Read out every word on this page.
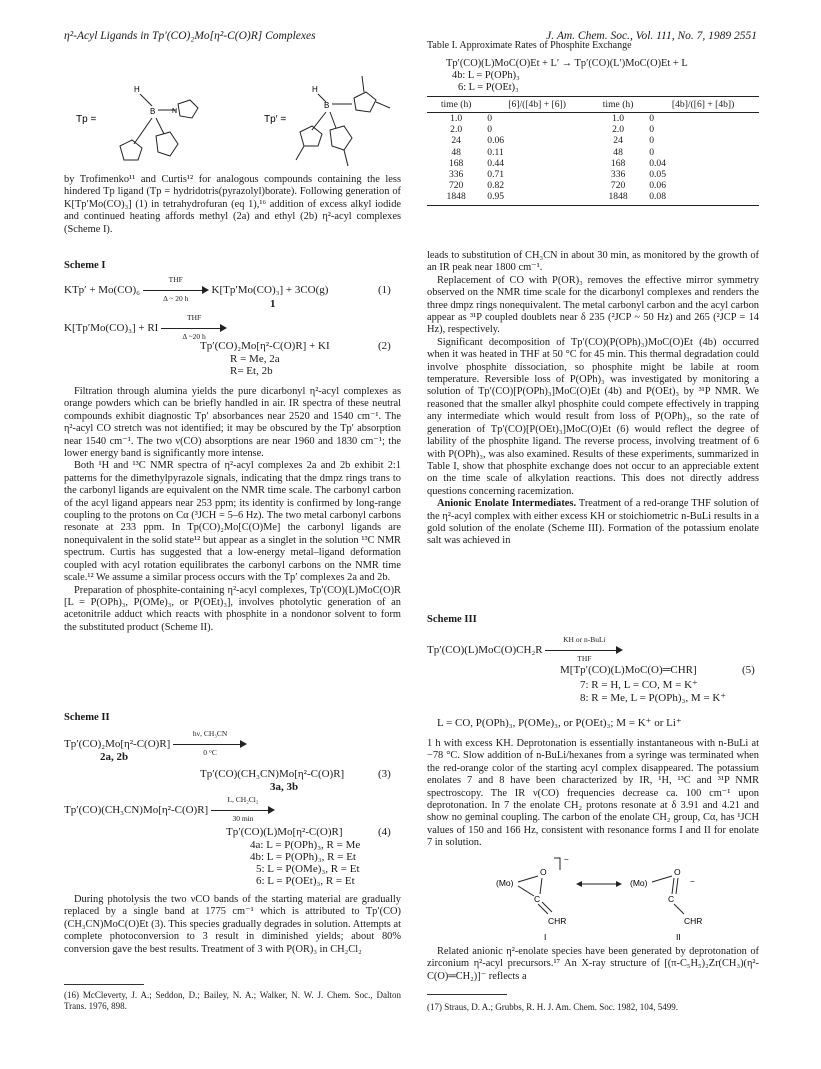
η²-Acyl Ligands in Tp′(CO)₂Mo[η²-C(O)R] Complexes	J. Am. Chem. Soc., Vol. 111, No. 7, 1989 2551
Tp =
H
B N
Tp′ =
H
B

by Trofimenko¹¹ and Curtis¹² for analogous compounds containing the less hindered Tp ligand (Tp = hydridotris(pyrazolyl)borate). Following generation of K[Tp′Mo(CO)₃] (1) in tetrahydrofuran (eq 1),¹⁶ addition of excess alkyl iodide and continued heating affords methyl (2a) and ethyl (2b) η²-acyl complexes (Scheme I).

Scheme I

KTp′ + Mo(CO)₆
THF
Δ ~ 20 h
K[Tp′Mo(CO)₃] + 3CO(g)	(1)
1
K[Tp′Mo(CO)₃] + RI
THF
Δ ~20 h
Tp′(CO)₂Mo[η²-C(O)R] + KI	(2)
R = Me, 2a
R= Et, 2b

Filtration through alumina yields the pure dicarbonyl η²-acyl complexes as orange powders which can be briefly handled in air. IR spectra of these neutral compounds exhibit diagnostic Tp′ absorbances near 2520 and 1540 cm⁻¹. The η²-acyl CO stretch was not identified; it may be obscured by the Tp′ absorption near 1540 cm⁻¹. The two ν(CO) absorptions are near 1960 and 1830 cm⁻¹; the lower energy band is significantly more intense.

Both ¹H and ¹³C NMR spectra of η²-acyl complexes 2a and 2b exhibit 2:1 patterns for the dimethylpyrazole signals, indicating that the dmpz rings trans to the carbonyl ligands are equivalent on the NMR time scale. The carbonyl carbon of the acyl ligand appears near 253 ppm; its identity is confirmed by long-range coupling to the protons on Cα (³JCH = 5–6 Hz). The two metal carbonyl carbons resonate at 233 ppm. In Tp(CO)₂Mo[C(O)Me] the carbonyl ligands are nonequivalent in the solid state¹² but appear as a singlet in the solution ¹³C NMR spectrum. Curtis has suggested that a low-energy metal–ligand deformation coupled with acyl rotation equilibrates the carbonyl carbons on the NMR time scale.¹² We assume a similar process occurs with the Tp′ complexes 2a and 2b.

Preparation of phosphite-containing η²-acyl complexes, Tp′(CO)(L)MoC(O)R [L = P(OPh)₃, P(OMe)₃, or P(OEt)₃], involves photolytic generation of an acetonitrile adduct which reacts with phosphite in a nondonor solvent to form the substituted product (Scheme II).

Scheme II

$Tp'(CO)_2Mo[\eta^2-C(O)R] \frac{\text{hν, CH₃CN}}{0 ^\circ C}$
2a, 2b
Tp′(CO)(CH₃CN)Mo[η²-C(O)R]	(3)
3a, 3b
Tp′(CO)(CH₃CN)Mo[η²-C(O)R]
L, CH₂Cl₂
30 min
Tp′(CO)(L)Mo[η²-C(O)R]	(4)
4a: L = P(OPh)₃, R = Me
4b: L = P(OPh)₃, R = Et
5: L = P(OMe)₃, R = Et
6: L = P(OEt)₃, R = Et

During photolysis the two νCO bands of the starting material are gradually replaced by a single band at 1775 cm⁻¹ which is attributed to Tp′(CO)(CH₃CN)MoC(O)Et (3). This species gradually degrades in solution. Attempts at complete photoconversion to 3 result in diminished yields; about 80% conversion gave the best results. Treatment of 3 with P(OR)₃ in CH₂Cl₂

(16) McCleverty, J. A.; Seddon, D.; Bailey, N. A.; Walker, N. W. J. Chem. Soc., Dalton Trans. 1976, 898.

Table I. Approximate Rates of Phosphite Exchange

Tp′(CO)(L)MoC(O)Et + L′ → Tp′(CO)(L′)MoC(O)Et + L
4b: L = P(OPh)₃
6: L = P(OEt)₃
time (h)	[6]/([4b] + [6])	time (h)	[4b]/([6] + [4b])
1.0	0	1.0	0
2.0	0	2.0	0
24	0.06	24	0
48	0.11	48	0
168	0.44	168	0.04
336	0.71	336	0.05
720	0.82	720	0.06
1848	0.95	1848	0.08

leads to substitution of CH₃CN in about 30 min, as monitored by the growth of an IR peak near 1800 cm⁻¹.

Replacement of CO with P(OR)₃ removes the effective mirror symmetry observed on the NMR time scale for the dicarbonyl complexes and renders the three dmpz rings nonequivalent. The metal carbonyl carbon and the acyl carbon appear as ³¹P coupled doublets near δ 235 (²JCP ~ 50 Hz) and 265 (²JCP = 14 Hz), respectively.

Significant decomposition of Tp′(CO)(P(OPh)₃)MoC(O)Et (4b) occurred when it was heated in THF at 50 °C for 45 min. This thermal degradation could involve phosphite dissociation, so phosphite might be labile at room temperature. Reversible loss of P(OPh)₃ was investigated by monitoring a solution of Tp′(CO)[P(OPh)₃]MoC(O)Et (4b) and P(OEt)₃ by ³¹P NMR. We reasoned that the smaller alkyl phosphite could compete effectively in trapping any intermediate which would result from loss of P(OPh)₃, so the rate of generation of Tp′(CO)[P(OEt)₃]MoC(O)Et (6) would reflect the degree of lability of the phosphite ligand. The reverse process, involving treatment of 6 with P(OPh)₃, was also examined. Results of these experiments, summarized in Table I, show that phosphite exchange does not occur to an appreciable extent on the time scale of alkylation reactions. This does not directly address questions concerning racemization.

Anionic Enolate Intermediates. Treatment of a red-orange THF solution of the η²-acyl complex with either excess KH or stoichiometric n-BuLi results in a gold solution of the enolate (Scheme III). Formation of the potassium enolate salt was achieved in

Scheme III

Tp′(CO)(L)MoC(O)CH₂R
KH or n-BuLi
THF
M[Tp′(CO)(L)MoC(O)═CHR]	(5)
7: R = H, L = CO, M = K⁺
8: R = Me, L = P(OPh)₃, M = K⁺
L = CO, P(OPh)₃, P(OMe)₃, or P(OEt)₃; M = K⁺ or Li⁺

1 h with excess KH. Deprotonation is essentially instantaneous with n-BuLi at −78 °C. Slow addition of n-BuLi/hexanes from a syringe was terminated when the red-orange color of the starting acyl complex disappeared. The potassium enolates 7 and 8 have been characterized by IR, ¹H, ¹³C and ³¹P NMR spectroscopy. The IR ν(CO) frequencies decrease ca. 100 cm⁻¹ upon deprotonation. In 7 the enolate CH₂ protons resonate at δ 3.91 and 4.21 and show no geminal coupling. The carbon of the enolate CH₂ group, Cα, has ¹JCH values of 150 and 166 Hz, consistent with resonance forms I and II for enolate 7 in solution.

(Mo)
O
C
CHR
I
−
(Mo)
O
C
CHR
II
−

Related anionic η²-enolate species have been generated by deprotonation of zirconium η²-acyl precursors.¹⁷ An X-ray structure of [(π-C₅H₅)₂Zr(CH₃)(η²-C(O)═CH₂)]⁻ reflects a

(17) Straus, D. A.; Grubbs, R. H. J. Am. Chem. Soc. 1982, 104, 5499.
